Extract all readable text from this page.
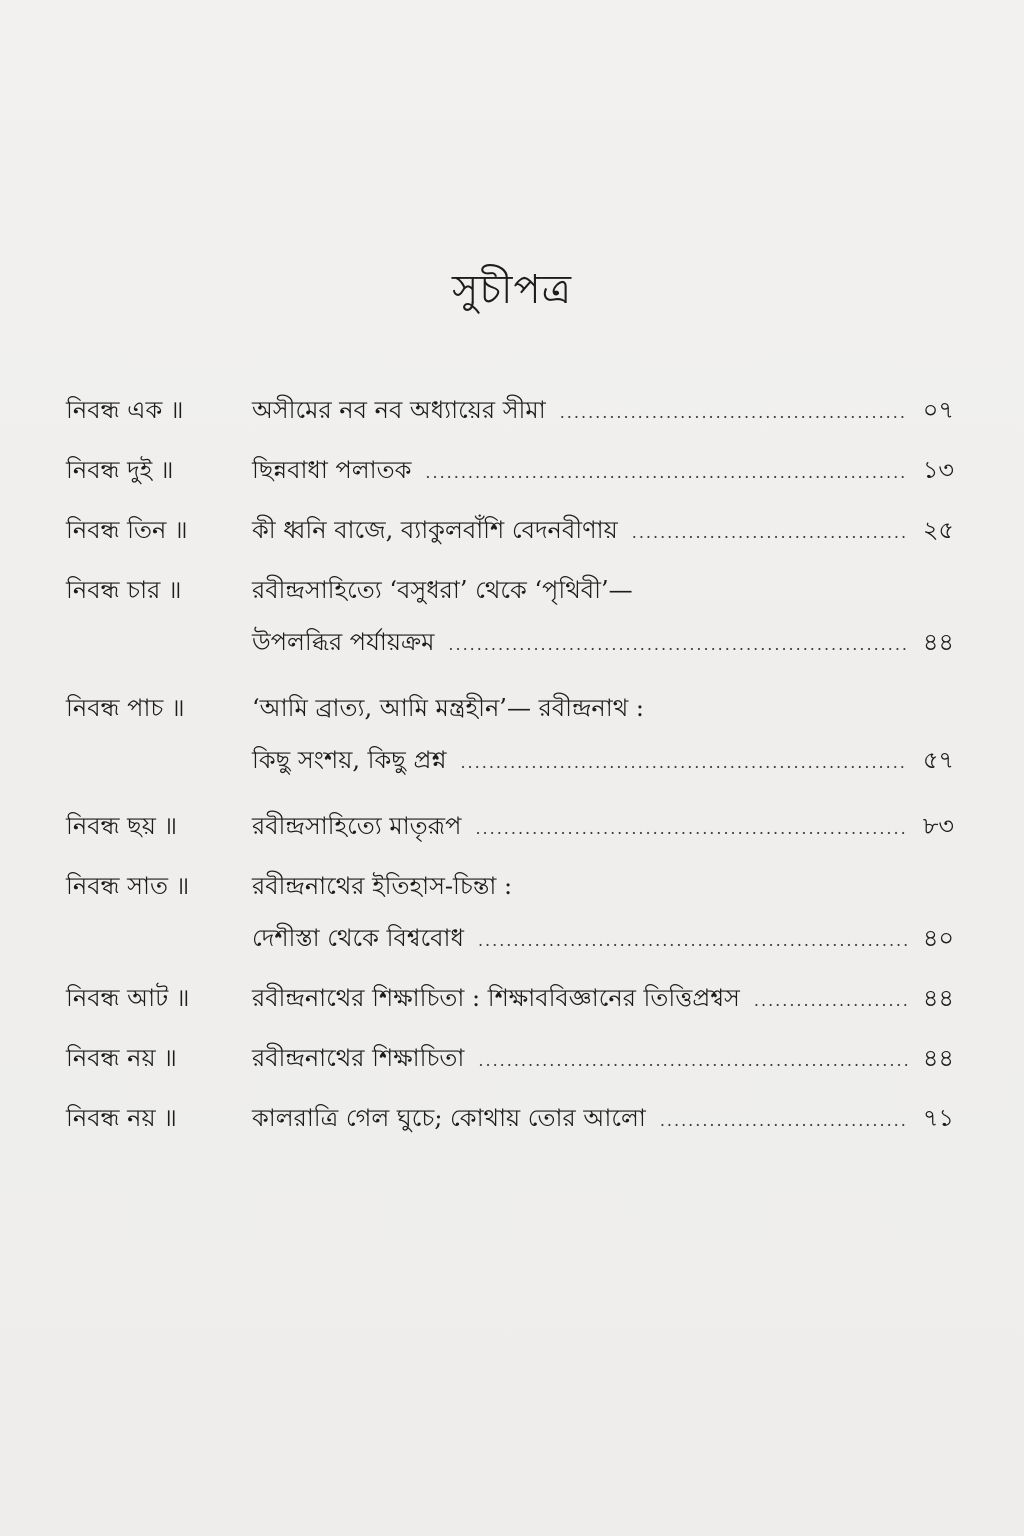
সুচীপত্র
নিবন্ধ এক ॥	অসীমের নব নব অধ্যায়ের সীমা .....	০৭
নিবন্ধ দুই ॥	ছিন্নবাধা পলাতক .....	১৩
নিবন্ধ তিন ॥	কী ধ্বনি বাজে, ব্যাকুলবাঁশি বেদনবীণায় .....	২৫
নিবন্ধ চার ॥	রবীন্দ্রসাহিত্যে ‘বসুধরা’ থেকে ‘পৃথিবী’—
উপলব্ধির পর্যায়ক্রম .....	৪৪
নিবন্ধ পাচ ॥	‘আমি ব্রাত্য, আমি মন্ত্রহীন’— রবীন্দ্রনাথ :
কিছু সংশয়, কিছু প্রশ্ন .....	৫৭
নিবন্ধ ছয় ॥	রবীন্দ্রসাহিত্যে মাতৃরূপ .....	৮৩
নিবন্ধ সাত ॥	রবীন্দ্রনাথের ইতিহাস-চিন্তা :
দেশীস্তা থেকে বিশ্ববোধ .....	৪০
নিবন্ধ আট ॥	রবীন্দ্রনাথের শিক্ষাচিতা : শিক্ষাববিজ্ঞানের তিত্তিপ্রশ্বস .....	৪৪
নিবন্ধ নয় ॥	রবীন্দ্রনাথের শিক্ষাচিতা .....	৪৪
নিবন্ধ নয় ॥	কালরাত্রি গেল ঘুচে; কোথায় তোর আলো .....	৭১
